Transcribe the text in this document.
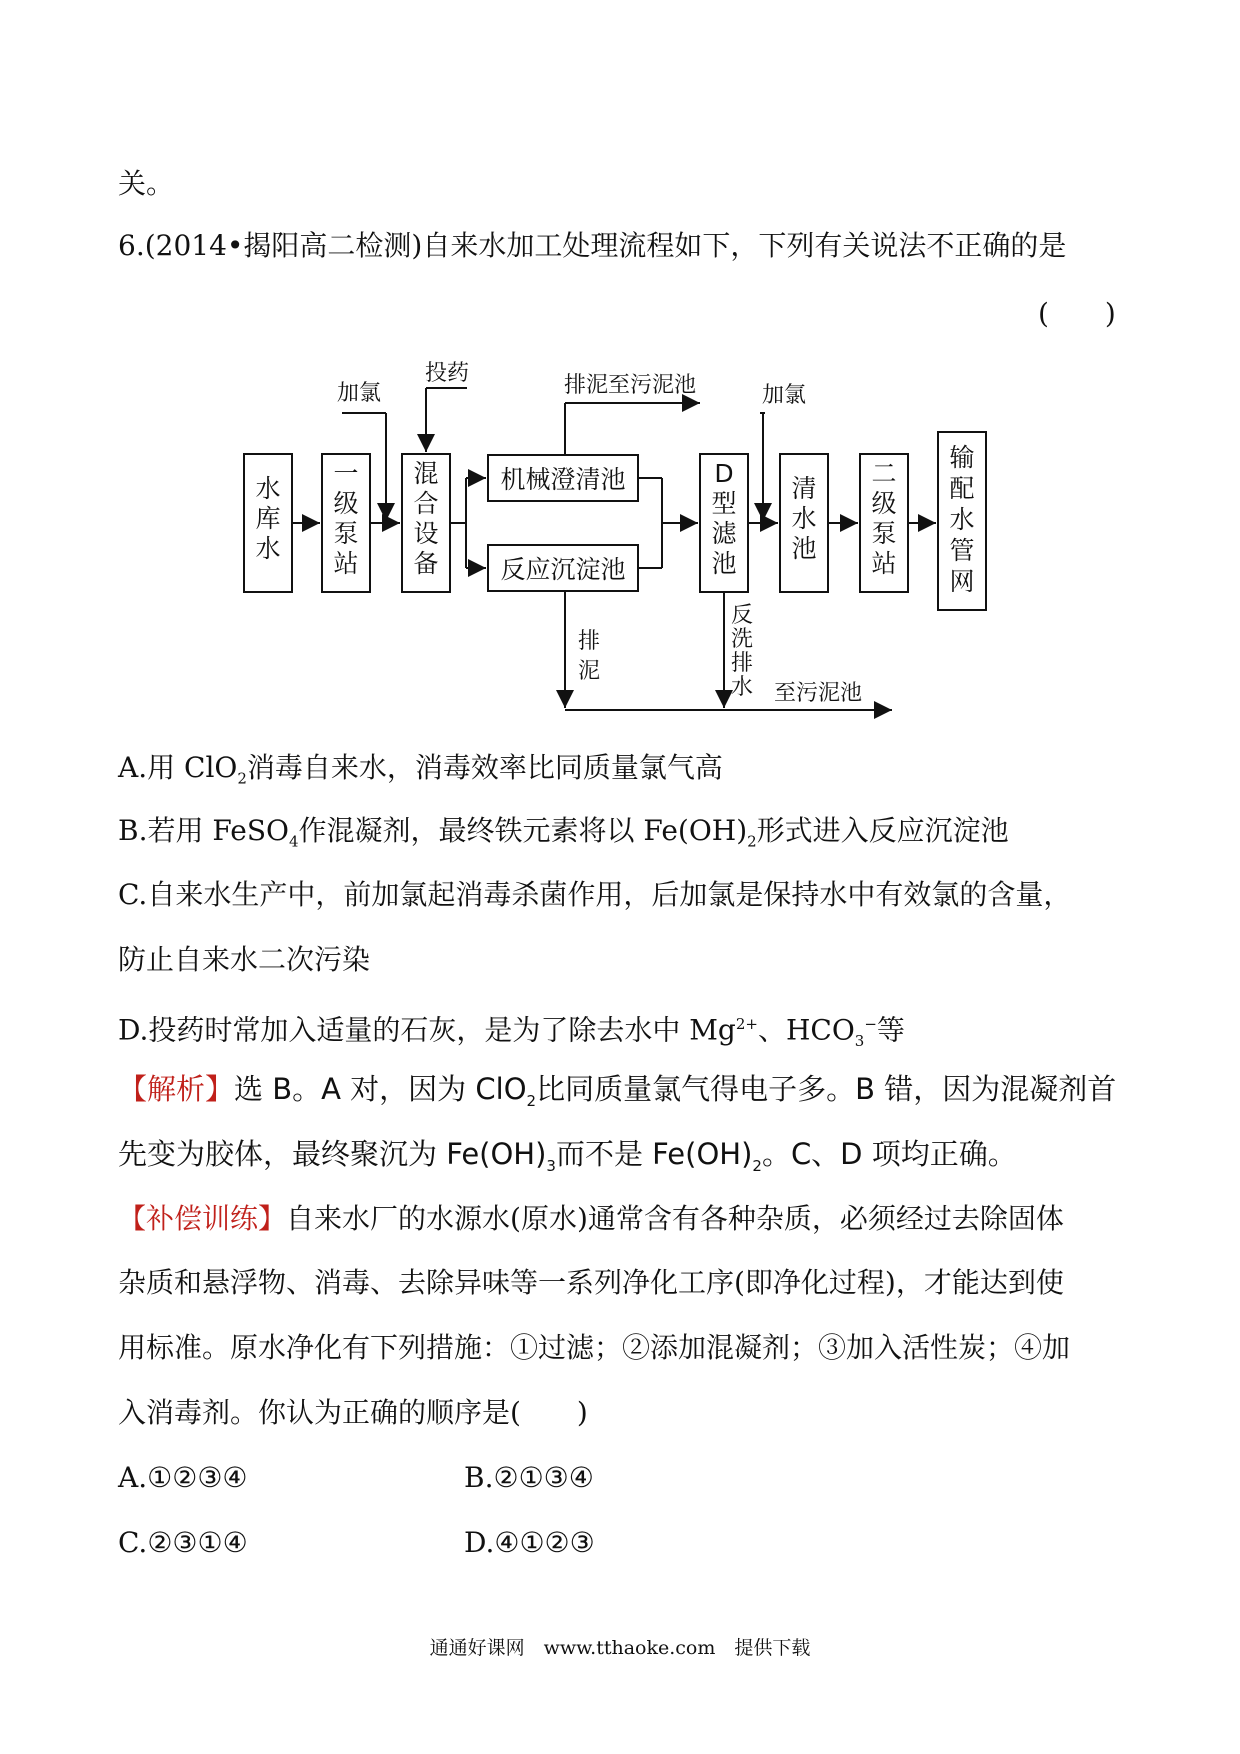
关。
6.(2014•揭阳高二检测)自来水加工处理流程如下，下列有关说法不正确的是
(　　)
水
库
水
一
级
泵
站
混
合
设
备
机械澄清池
反应沉淀池
D
型
滤
池
清
水
池
二
级
泵
站
输
配
水
管
网
加氯
投药	排泥至污泥池	加氯
排
泥
反
洗
排
水 至污泥池
A.用 ClO$_2$消毒自来水，消毒效率比同质量氯气高
B.若用 FeSO$_4$作混凝剂，最终铁元素将以 $Fe(OH)_2$形式进入反应沉淀池
C.自来水生产中，前加氯起消毒杀菌作用，后加氯是保持水中有效氯的含量，
防止自来水二次污染
D.投药时常加入适量的石灰，是为了除去水中 $Mg^{2+}$、$HCO_3^-$等
【解析】选 B。A 对，因为 ClO$_2$比同质量氯气得电子多。B 错，因为混凝剂首
先变为胶体，最终聚沉为 $Fe(OH)_3$而不是 $Fe(OH)_2$。C、D 项均正确。
【补偿训练】自来水厂的水源水(原水)通常含有各种杂质，必须经过去除固体
杂质和悬浮物、消毒、去除异味等一系列净化工序(即净化过程)，才能达到使
用标准。原水净化有下列措施：①过滤；②添加混凝剂；③加入活性炭；④加
入消毒剂。你认为正确的顺序是(　　)
A.①②③④	B.②①③④
C.②③①④	D.④①②③
通通好课网　www.tthaoke.com　提供下载
